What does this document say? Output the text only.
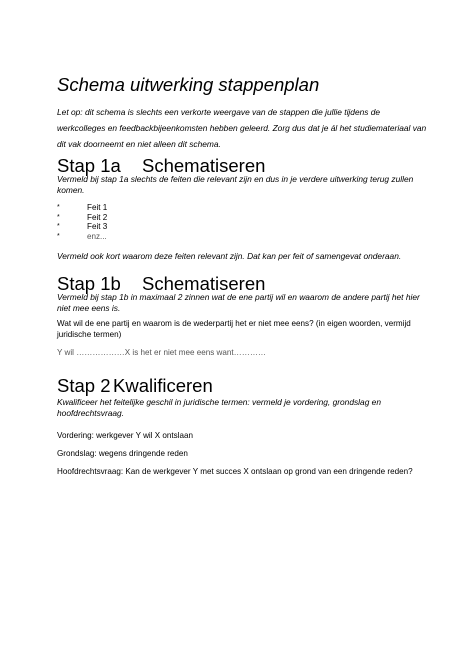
Schema uitwerking stappenplan

Let op: dit schema is slechts een verkorte weergave van de stappen die jullie tijdens de werkcolleges en feedbackbijeenkomsten hebben geleerd. Zorg dus dat je ál het studiemateriaal van dit vak doorneemt en niet alleen dit schema.

Stap 1a Schematiseren

Vermeld bij stap 1a slechts de feiten die relevant zijn en dus in je verdere uitwerking terug zullen komen.

*	Feit 1
*	Feit 2
*	Feit 3
*	enz...

Vermeld ook kort waarom deze feiten relevant zijn. Dat kan per feit of samengevat onderaan.

Stap 1b Schematiseren

Vermeld bij stap 1b in maximaal 2 zinnen wat de ene partij wil en waarom de andere partij het hier niet mee eens is.

Wat wil de ene partij en waarom is de wederpartij het er niet mee eens? (in eigen woorden, vermijd juridische termen)

Y wil ………………X is het er niet mee eens want…………

Stap 2 Kwalificeren

Kwalificeer het feitelijke geschil in juridische termen: vermeld je vordering, grondslag en hoofdrechtsvraag.

Vordering: werkgever Y wil X ontslaan

Grondslag: wegens dringende reden

Hoofdrechtsvraag: Kan de werkgever Y met succes X ontslaan op grond van een dringende reden?
